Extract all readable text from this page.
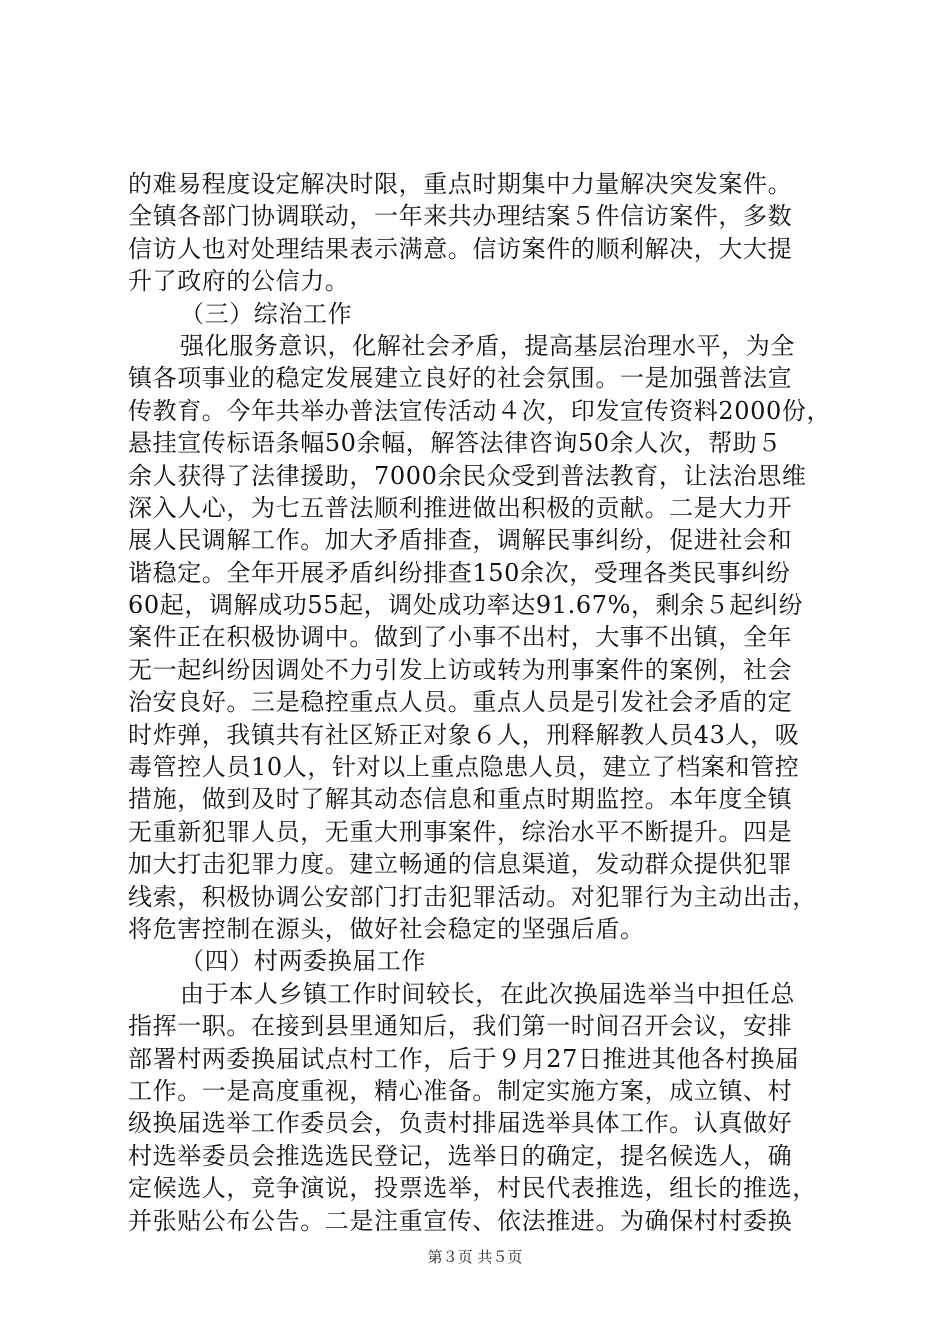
的难易程度设定解决时限，重点时期集中力量解决突发案件。
全镇各部门协调联动，一年来共办理结案５件信访案件，多数
信访人也对处理结果表示满意。信访案件的顺利解决，大大提
升了政府的公信力。
（三）综治工作
强化服务意识，化解社会矛盾，提高基层治理水平，为全
镇各项事业的稳定发展建立良好的社会氛围。一是加强普法宣
传教育。今年共举办普法宣传活动４次，印发宣传资料2000份，
悬挂宣传标语条幅50余幅，解答法律咨询50余人次，帮助５
余人获得了法律援助，7000余民众受到普法教育，让法治思维
深入人心，为七五普法顺利推进做出积极的贡献。二是大力开
展人民调解工作。加大矛盾排查，调解民事纠纷，促进社会和
谐稳定。全年开展矛盾纠纷排查150余次，受理各类民事纠纷
60起，调解成功55起，调处成功率达91.67%，剩余５起纠纷
案件正在积极协调中。做到了小事不出村，大事不出镇，全年
无一起纠纷因调处不力引发上访或转为刑事案件的案例，社会
治安良好。三是稳控重点人员。重点人员是引发社会矛盾的定
时炸弹，我镇共有社区矫正对象６人，刑释解教人员43人，吸
毒管控人员10人，针对以上重点隐患人员，建立了档案和管控
措施，做到及时了解其动态信息和重点时期监控。本年度全镇
无重新犯罪人员，无重大刑事案件，综治水平不断提升。四是
加大打击犯罪力度。建立畅通的信息渠道，发动群众提供犯罪
线索，积极协调公安部门打击犯罪活动。对犯罪行为主动出击，
将危害控制在源头，做好社会稳定的坚强后盾。
（四）村两委换届工作
由于本人乡镇工作时间较长，在此次换届选举当中担任总
指挥一职。在接到县里通知后，我们第一时间召开会议，安排
部署村两委换届试点村工作，后于９月27日推进其他各村换届
工作。一是高度重视，精心准备。制定实施方案，成立镇、村
级换届选举工作委员会，负责村排届选举具体工作。认真做好
村选举委员会推选选民登记，选举日的确定，提名候选人，确
定候选人，竞争演说，投票选举，村民代表推选，组长的推选，
并张贴公布公告。二是注重宣传、依法推进。为确保村村委换
第３页 共５页
